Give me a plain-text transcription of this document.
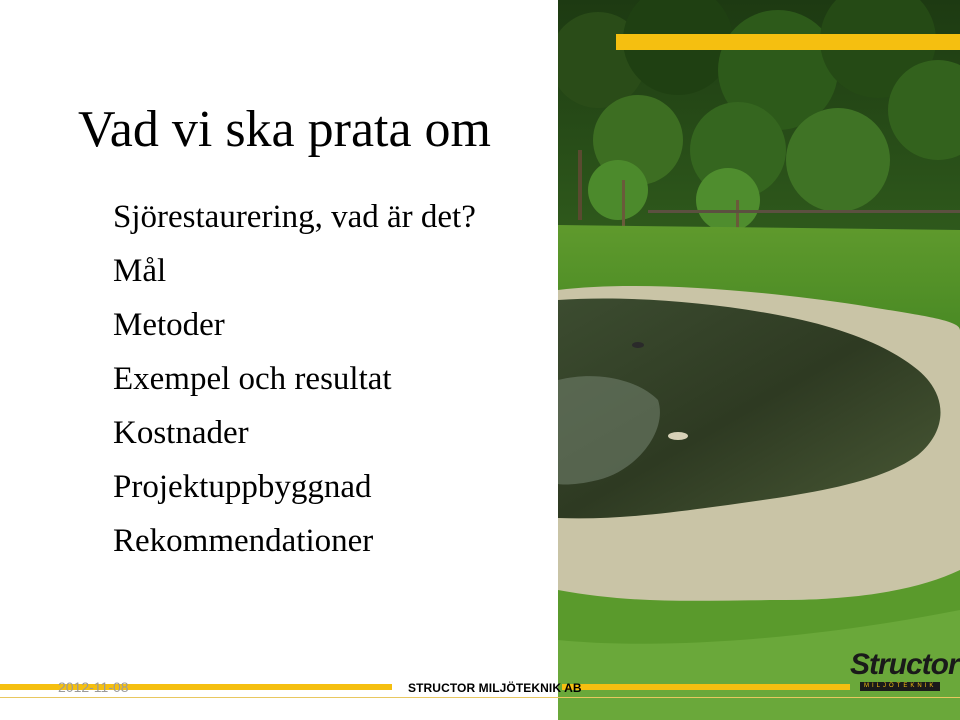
Vad vi ska prata om
Sjörestaurering, vad är det?
Mål
Metoder
Exempel och resultat
Kostnader
Projektuppbyggnad
Rekommendationer
2012-11-08	STRUCTOR MILJÖTEKNIK AB
Structor
MILJÖTEKNIK
